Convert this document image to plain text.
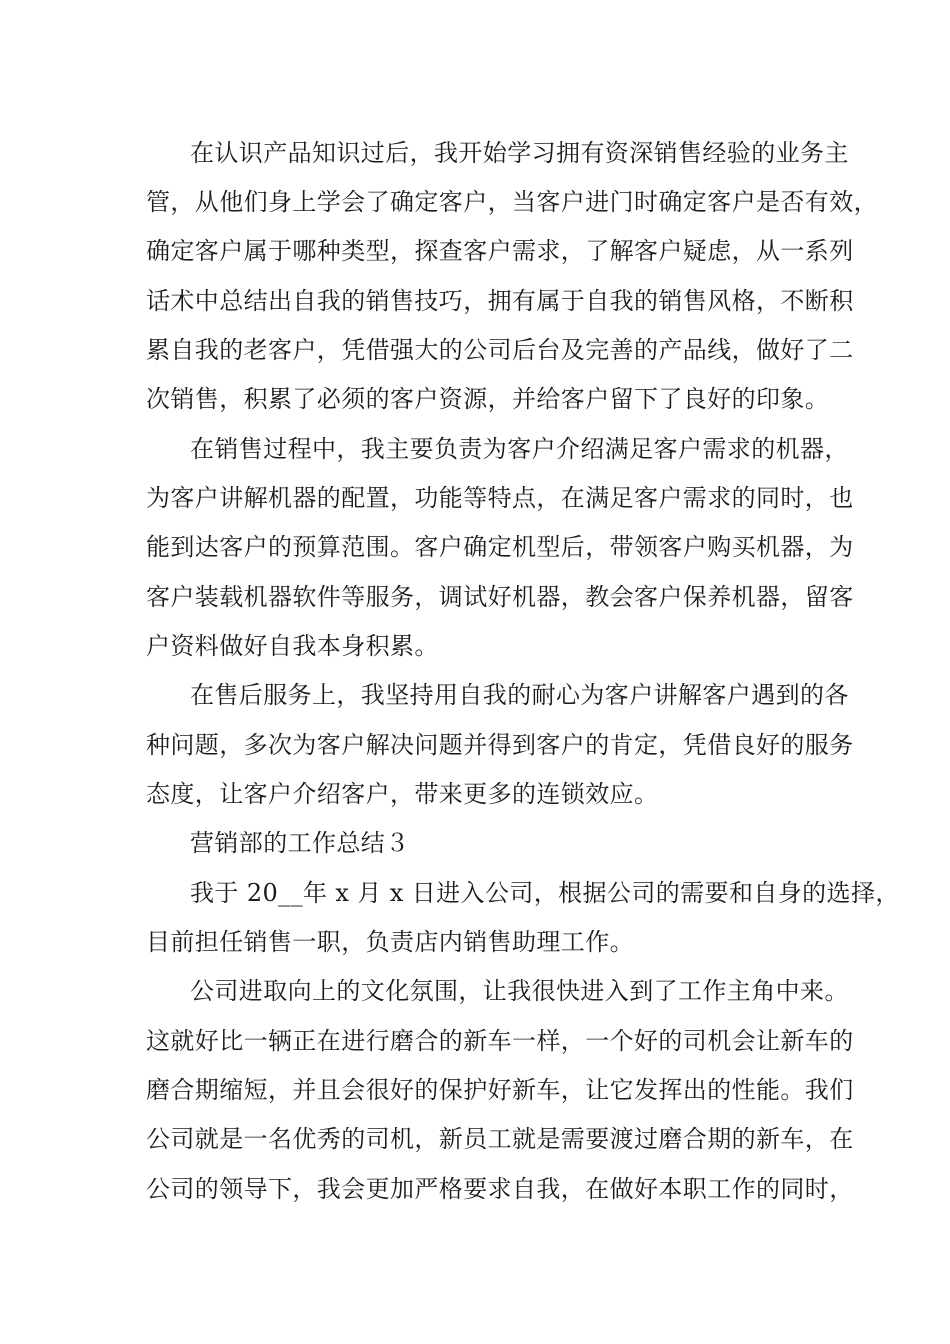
在认识产品知识过后，我开始学习拥有资深销售经验的业务主
管，从他们身上学会了确定客户，当客户进门时确定客户是否有效，
确定客户属于哪种类型，探查客户需求，了解客户疑虑，从一系列
话术中总结出自我的销售技巧，拥有属于自我的销售风格，不断积
累自我的老客户，凭借强大的公司后台及完善的产品线，做好了二
次销售，积累了必须的客户资源，并给客户留下了良好的印象。
在销售过程中，我主要负责为客户介绍满足客户需求的机器，
为客户讲解机器的配置，功能等特点，在满足客户需求的同时，也
能到达客户的预算范围。客户确定机型后，带领客户购买机器，为
客户装载机器软件等服务，调试好机器，教会客户保养机器，留客
户资料做好自我本身积累。
在售后服务上，我坚持用自我的耐心为客户讲解客户遇到的各
种问题，多次为客户解决问题并得到客户的肯定，凭借良好的服务
态度，让客户介绍客户，带来更多的连锁效应。
营销部的工作总结３
我于 20__年 x 月 x 日进入公司，根据公司的需要和自身的选择，
目前担任销售一职，负责店内销售助理工作。
公司进取向上的文化氛围，让我很快进入到了工作主角中来。
这就好比一辆正在进行磨合的新车一样，一个好的司机会让新车的
磨合期缩短，并且会很好的保护好新车，让它发挥出的性能。我们
公司就是一名优秀的司机，新员工就是需要渡过磨合期的新车，在
公司的领导下，我会更加严格要求自我，在做好本职工作的同时，
